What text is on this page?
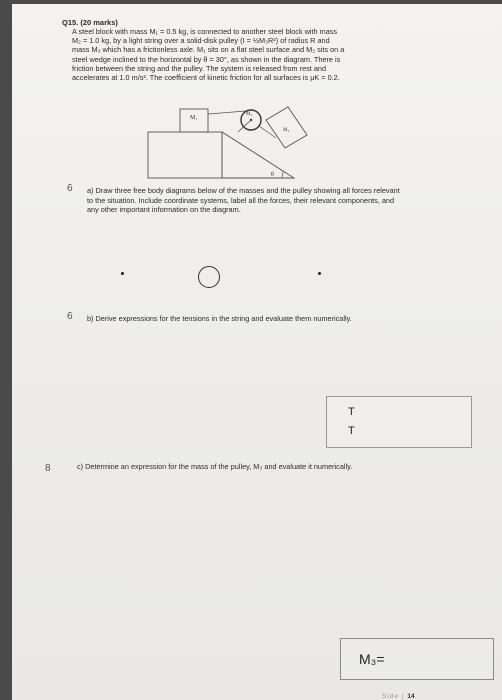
Q15. (20 marks)
A steel block with mass M₁ = 0.5 kg, is connected to another steel block with mass
M₂ = 1.0 kg, by a light string over a solid-disk pulley (I = ½M₃R²) of radius R and
mass M₃ which has a frictionless axle. M₁ sits on a flat steel surface and M₂ sits on a
steel wedge inclined to the horizontal by θ = 30°, as shown in the diagram. There is
friction between the string and the pulley. The system is released from rest and
accelerates at 1.0 m/s². The coefficient of kinetic friction for all surfaces is μK = 0.2.
M₁
M₃
M₂
θ
6 a) Draw three free body diagrams below of the masses and the pulley showing all forces relevant to the situation. Include coordinate systems, label all the forces, their relevant components, and any other important information on the diagram.
6 b) Derive expressions for the tensions in the string and evaluate them numerically.
T
T
8	c) Determine an expression for the mass of the pulley, M₃ and evaluate it numerically.
M₃=
Side | 14
